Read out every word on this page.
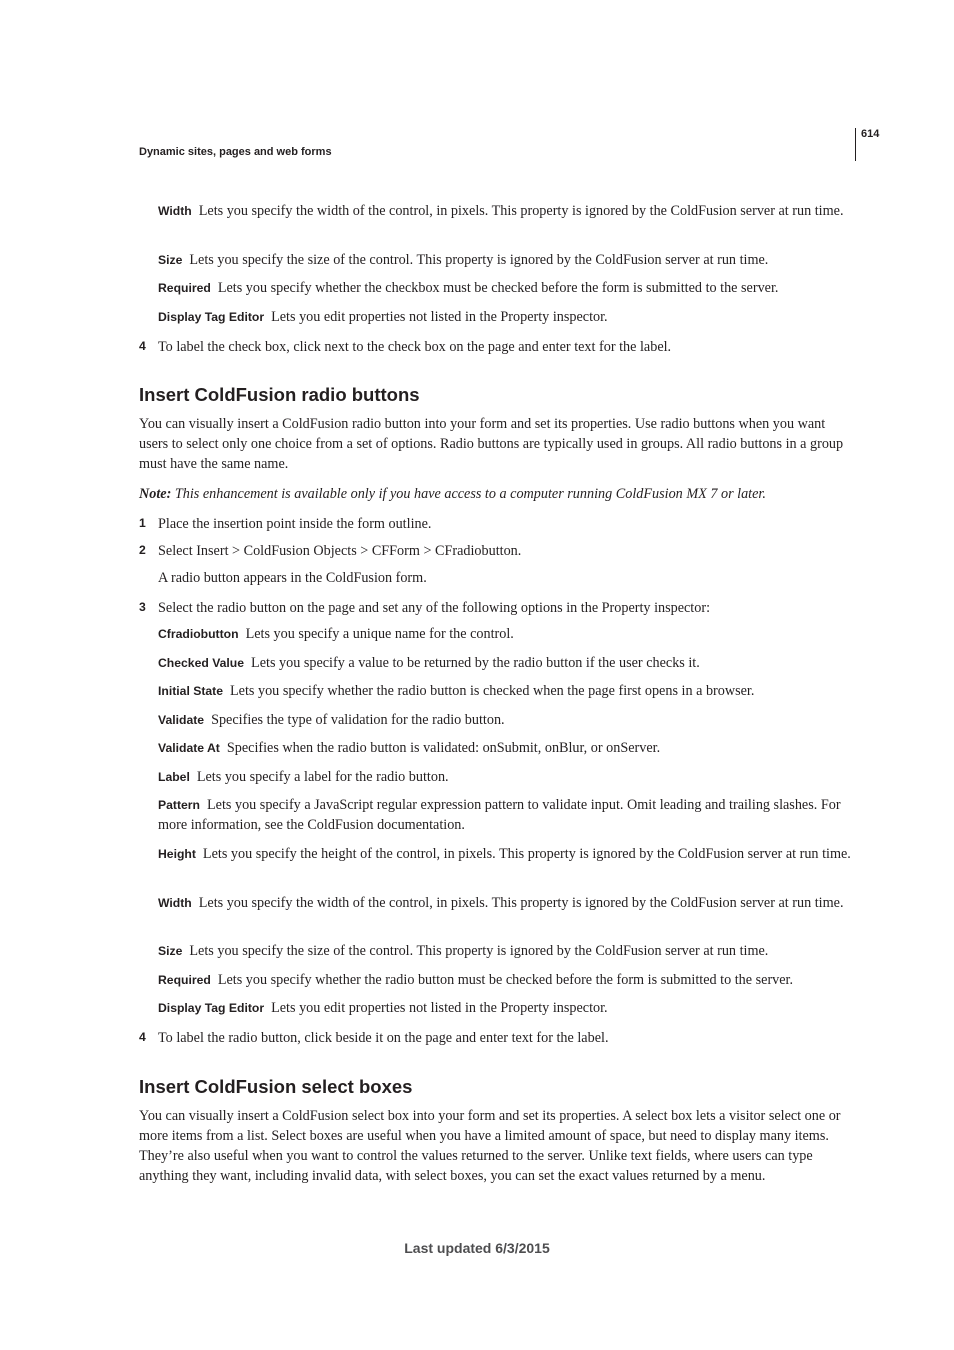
Dynamic sites, pages and web forms
614

Width Lets you specify the width of the control, in pixels. This property is ignored by the ColdFusion server at run time.

Size Lets you specify the size of the control. This property is ignored by the ColdFusion server at run time.

Required Lets you specify whether the checkbox must be checked before the form is submitted to the server.

Display Tag Editor Lets you edit properties not listed in the Property inspector.

4 To label the check box, click next to the check box on the page and enter text for the label.

Insert ColdFusion radio buttons

You can visually insert a ColdFusion radio button into your form and set its properties. Use radio buttons when you want users to select only one choice from a set of options. Radio buttons are typically used in groups. All radio buttons in a group must have the same name.

Note: This enhancement is available only if you have access to a computer running ColdFusion MX 7 or later.

1 Place the insertion point inside the form outline.

2 Select Insert > ColdFusion Objects > CFForm > CFradiobutton.

A radio button appears in the ColdFusion form.

3 Select the radio button on the page and set any of the following options in the Property inspector:

Cfradiobutton Lets you specify a unique name for the control.

Checked Value Lets you specify a value to be returned by the radio button if the user checks it.

Initial State Lets you specify whether the radio button is checked when the page first opens in a browser.

Validate Specifies the type of validation for the radio button.

Validate At Specifies when the radio button is validated: onSubmit, onBlur, or onServer.

Label Lets you specify a label for the radio button.

Pattern Lets you specify a JavaScript regular expression pattern to validate input. Omit leading and trailing slashes. For more information, see the ColdFusion documentation.

Height Lets you specify the height of the control, in pixels. This property is ignored by the ColdFusion server at run time.

Width Lets you specify the width of the control, in pixels. This property is ignored by the ColdFusion server at run time.

Size Lets you specify the size of the control. This property is ignored by the ColdFusion server at run time.

Required Lets you specify whether the radio button must be checked before the form is submitted to the server.

Display Tag Editor Lets you edit properties not listed in the Property inspector.

4 To label the radio button, click beside it on the page and enter text for the label.

Insert ColdFusion select boxes

You can visually insert a ColdFusion select box into your form and set its properties. A select box lets a visitor select one or more items from a list. Select boxes are useful when you have a limited amount of space, but need to display many items. They’re also useful when you want to control the values returned to the server. Unlike text fields, where users can type anything they want, including invalid data, with select boxes, you can set the exact values returned by a menu.

Last updated 6/3/2015
